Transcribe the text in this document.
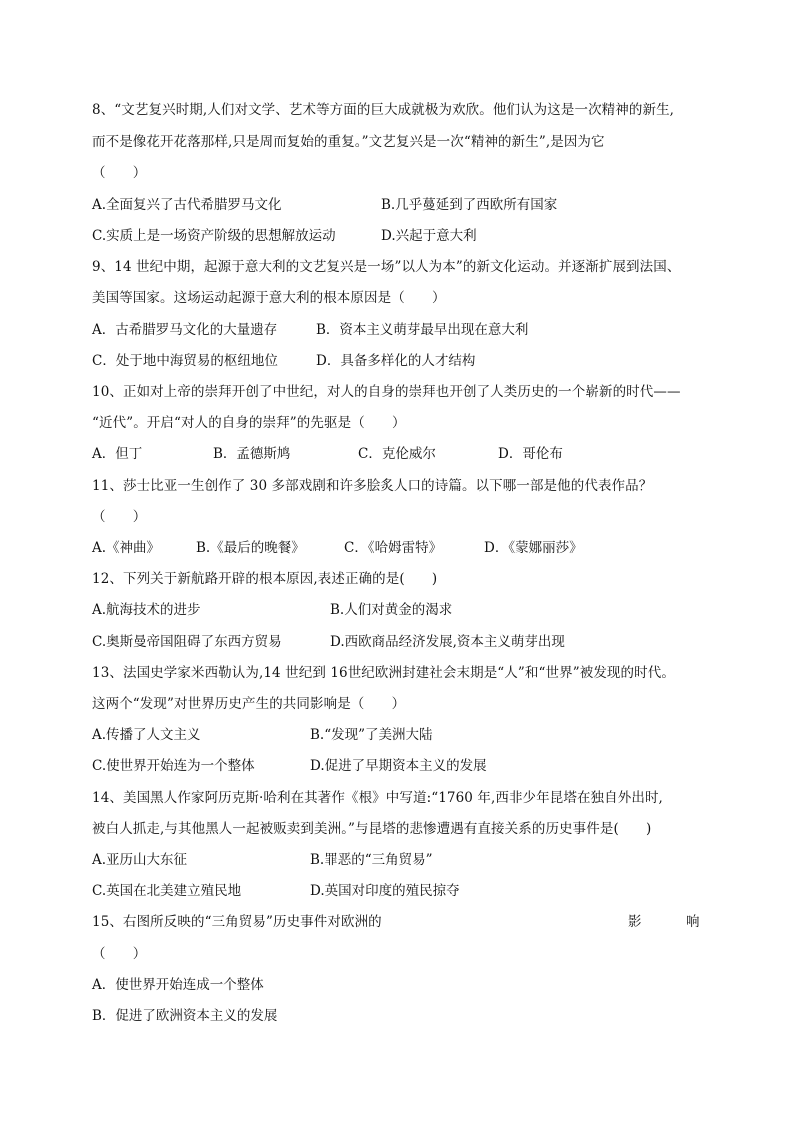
8、“文艺复兴时期,人们对文学、艺术等方面的巨大成就极为欢欣。他们认为这是一次精神的新生,
而不是像花开花落那样,只是周而复始的重复。”文艺复兴是一次“精神的新生”,是因为它
（　　）
A.全面复兴了古代希腊罗马文化	B.几乎蔓延到了西欧所有国家
C.实质上是一场资产阶级的思想解放运动	D.兴起于意大利
9、14 世纪中期，起源于意大利的文艺复兴是一场”以人为本”的新文化运动。并逐渐扩展到法国、
美国等国家。这场运动起源于意大利的根本原因是（　　）
A．古希腊罗马文化的大量遗存	B．资本主义萌芽最早出现在意大利
C．处于地中海贸易的枢纽地位	D．具备多样化的人才结构
10、正如对上帝的崇拜开创了中世纪，对人的自身的崇拜也开创了人类历史的一个崭新的时代——
“近代”。开启“对人的自身的崇拜”的先驱是（　　）
A．但丁	B．孟德斯鸠	C．克伦威尔	D．哥伦布
11、莎士比亚一生创作了 30 多部戏剧和许多脍炙人口的诗篇。以下哪一部是他的代表作品？
（　　）
A.《神曲》	B.《最后的晚餐》	C．《哈姆雷特》	D．《蒙娜丽莎》
12、下列关于新航路开辟的根本原因,表述正确的是(　　)
A.航海技术的进步	B.人们对黄金的渴求
C.奥斯曼帝国阻碍了东西方贸易	D.西欧商品经济发展,资本主义萌芽出现
13、法国史学家米西勒认为,14 世纪到 16世纪欧洲封建社会末期是“人”和“世界”被发现的时代。
这两个“发现”对世界历史产生的共同影响是（　　）
A.传播了人文主义	B.“发现”了美洲大陆
C.使世界开始连为一个整体	D.促进了早期资本主义的发展
14、美国黑人作家阿历克斯·哈利在其著作《根》中写道:“1760 年,西非少年昆塔在独自外出时,
被白人抓走,与其他黑人一起被贩卖到美洲。”与昆塔的悲惨遭遇有直接关系的历史事件是(　　)
A.亚历山大东征	B.罪恶的“三角贸易”
C.英国在北美建立殖民地	D.英国对印度的殖民掠夺
15、右图所反映的“三角贸易”历史事件对欧洲的	影	响
（　　）
A．使世界开始连成一个整体
B．促进了欧洲资本主义的发展
